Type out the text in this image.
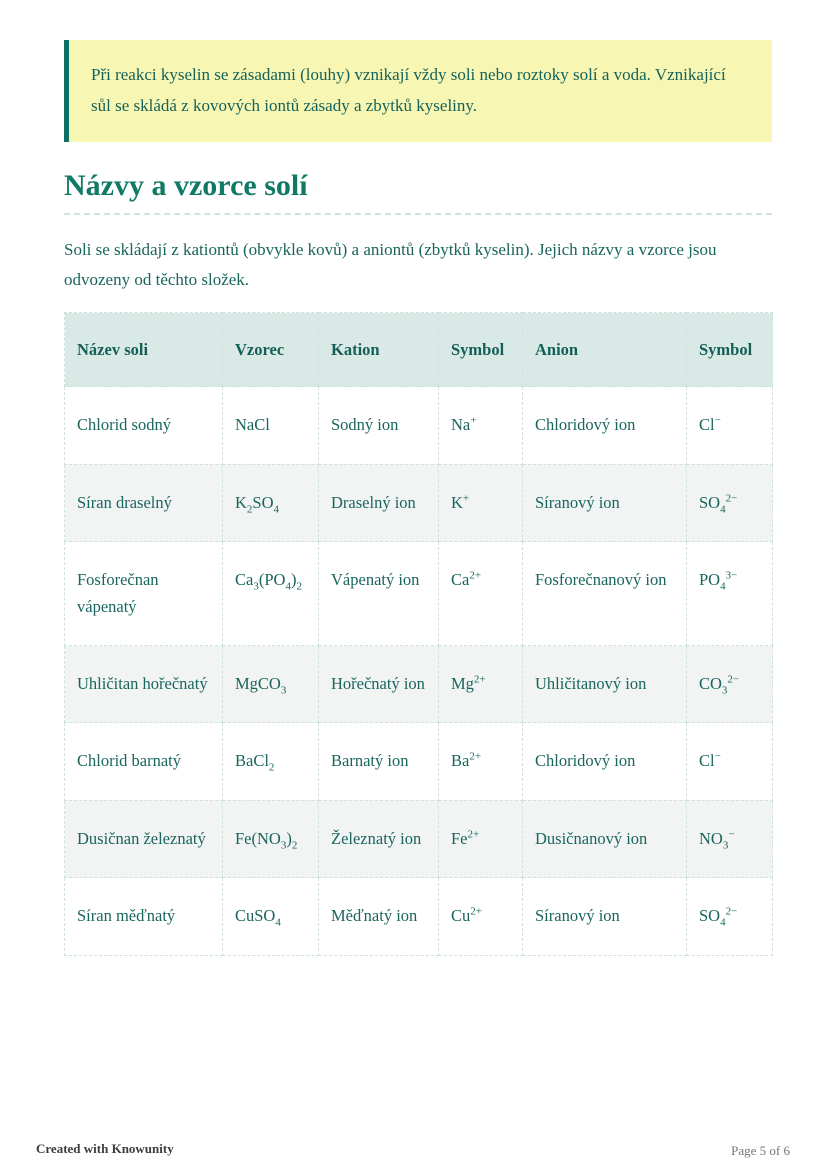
Při reakci kyselin se zásadami (louhy) vznikají vždy soli nebo roztoky solí a voda. Vznikající sůl se skládá z kovových iontů zásady a zbytků kyseliny.
Názvy a vzorce solí

Soli se skládají z kationtů (obvykle kovů) a aniontů (zbytků kyselin). Jejich názvy a vzorce jsou odvozeny od těchto složek.

Název soli	Vzorec	Kation	Symbol	Anion	Symbol
Chlorid sodný	NaCl	Sodný ion	Na+	Chloridový ion	Cl−
Síran draselný	$K_2SO_4$	Draselný ion	K+	Síranový ion	$SO_4^{2-}$
Fosforečnan vápenatý	$Ca_3(PO_4)_2$	Vápenatý ion	$Ca^{2+}$	Fosforečnanový ion	$PO_4^{3-}$
Uhličitan hořečnatý	MgCO$_3$	Hořečnatý ion	$Mg^{2+}$	Uhličitanový ion	$CO_3^{2-}$
Chlorid barnatý	BaCl$_2$	Barnatý ion	$Ba^{2+}$	Chloridový ion	Cl−
Dusičnan železnatý	$Fe(NO_3)_2$	Železnatý ion	$Fe^{2+}$	Dusičnanový ion	$NO_3^-$
Síran měďnatý	CuSO$_4$	Měďnatý ion	$Cu^{2+}$	Síranový ion	$SO_4^{2-}$
Created with Knowunity	Page 5 of 6
